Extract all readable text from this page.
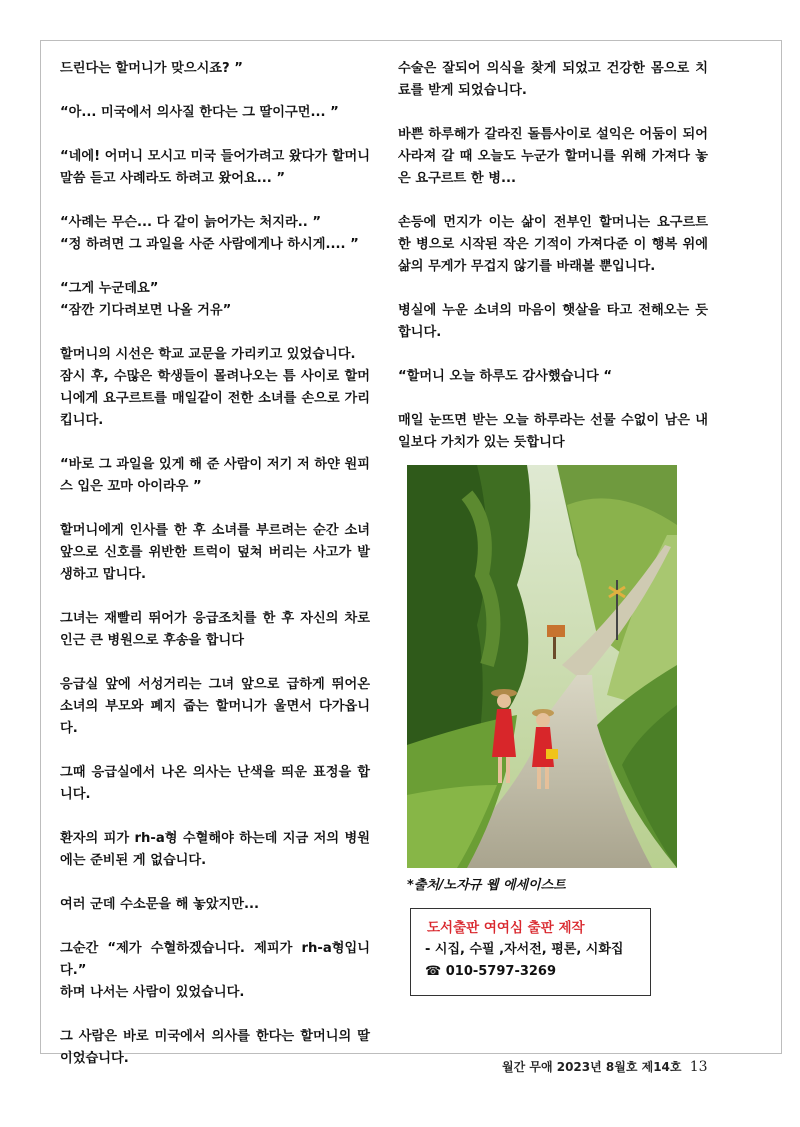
드린다는 할머니가 맞으시죠? ”

“아... 미국에서 의사질 한다는 그 딸이구먼... ”

“네에! 어머니 모시고 미국 들어가려고 왔다가 할머니 말씀 듣고 사례라도 하려고 왔어요... ”

“사례는 무슨... 다 같이 늙어가는 처지라.. ”
“정 하려면 그 과일을 사준 사람에게나 하시게.... ”

“그게 누군데요”
“잠깐 기다려보면 나올 거유”

할머니의 시선은 학교 교문을 가리키고 있었습니다.
잠시 후, 수많은 학생들이 몰려나오는 틈 사이로 할머니에게 요구르트를 매일같이 전한 소녀를 손으로 가리킵니다.

“바로 그 과일을 있게 해 준 사람이 저기 저 하얀 원피스 입은 꼬마 아이라우 ”

할머니에게 인사를 한 후 소녀를 부르려는 순간 소녀 앞으로 신호를 위반한 트럭이 덮쳐 버리는 사고가 발생하고 맙니다.

그녀는 재빨리 뛰어가 응급조치를 한 후 자신의 차로 인근 큰 병원으로 후송을 합니다

응급실 앞에 서성거리는 그녀 앞으로 급하게 뛰어온 소녀의 부모와 폐지 줍는 할머니가 울면서 다가옵니다.

그때 응급실에서 나온 의사는 난색을 띄운 표정을 합니다.

환자의 피가 rh-a형 수혈해야 하는데 지금 저의 병원에는 준비된 게 없습니다.

여러 군데 수소문을 해 놓았지만...

그순간 “제가 수혈하겠습니다. 제피가 rh-a형입니다.”
하며 나서는 사람이 있었습니다.

그 사람은 바로 미국에서 의사를 한다는 할머니의 딸이었습니다.

수술은 잘되어 의식을 찾게 되었고 건강한 몸으로 치료를 받게 되었습니다.

바쁜 하루해가 갈라진 돌틈사이로 설익은 어둠이 되어 사라져 갈 때 오늘도 누군가 할머니를 위해 가져다 놓은 요구르트 한 병...

손등에 먼지가 이는 삶이 전부인 할머니는 요구르트 한 병으로 시작된 작은 기적이 가져다준 이 행복 위에 삶의 무게가 무겁지 않기를 바래볼 뿐입니다.

병실에 누운 소녀의 마음이 햇살을 타고 전해오는 듯합니다.

“할머니 오늘 하루도 감사했습니다 “

매일 눈뜨면 받는 오늘 하루라는 선물 수없이 남은 내일보다 가치가 있는 듯합니다

*출처/노자규 웹 에세이스트
도서출판 여여심 출판 제작
- 시집, 수필 ,자서전, 평론, 시화집
☎ 010-5797-3269
월간 무애 2023년 8월호 제14호 13
